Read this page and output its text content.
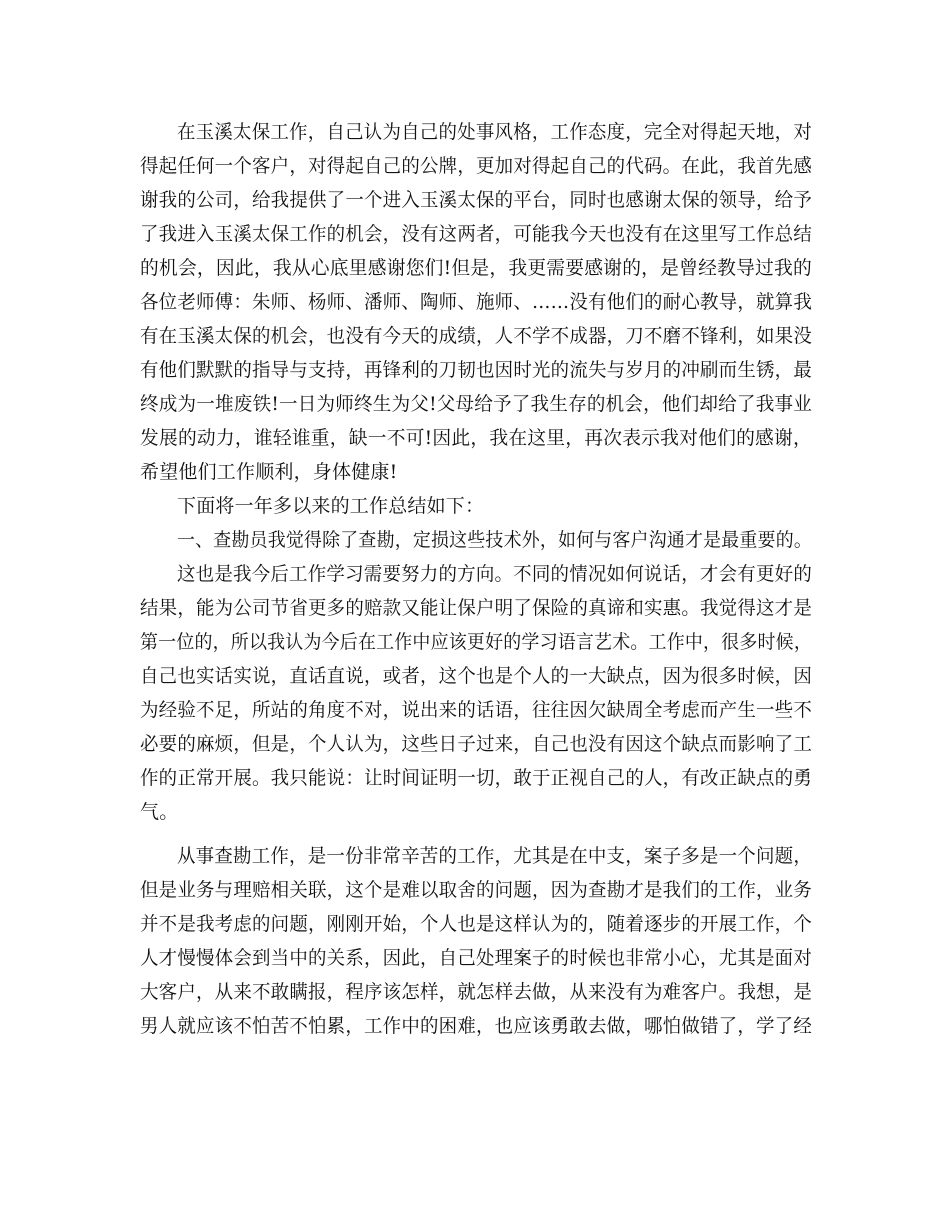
在玉溪太保工作，自己认为自己的处事风格，工作态度，完全对得起天地，对
得起任何一个客户，对得起自己的公牌，更加对得起自己的代码。在此，我首先感
谢我的公司，给我提供了一个进入玉溪太保的平台，同时也感谢太保的领导，给予
了我进入玉溪太保工作的机会，没有这两者，可能我今天也没有在这里写工作总结
的机会，因此，我从心底里感谢您们!但是，我更需要感谢的，是曾经教导过我的
各位老师傅：朱师、杨师、潘师、陶师、施师、……没有他们的耐心教导，就算我
有在玉溪太保的机会，也没有今天的成绩，人不学不成器，刀不磨不锋利，如果没
有他们默默的指导与支持，再锋利的刀韧也因时光的流失与岁月的冲刷而生锈，最
终成为一堆废铁!一日为师终生为父!父母给予了我生存的机会，他们却给了我事业
发展的动力，谁轻谁重，缺一不可!因此，我在这里，再次表示我对他们的感谢，
希望他们工作顺利，身体健康!
下面将一年多以来的工作总结如下：
一、查勘员我觉得除了查勘，定损这些技术外，如何与客户沟通才是最重要的。
这也是我今后工作学习需要努力的方向。不同的情况如何说话，才会有更好的
结果，能为公司节省更多的赔款又能让保户明了保险的真谛和实惠。我觉得这才是
第一位的，所以我认为今后在工作中应该更好的学习语言艺术。工作中，很多时候，
自己也实话实说，直话直说，或者，这个也是个人的一大缺点，因为很多时候，因
为经验不足，所站的角度不对，说出来的话语，往往因欠缺周全考虑而产生一些不
必要的麻烦，但是，个人认为，这些日子过来，自己也没有因这个缺点而影响了工
作的正常开展。我只能说：让时间证明一切，敢于正视自己的人，有改正缺点的勇
气。
从事查勘工作，是一份非常辛苦的工作，尤其是在中支，案子多是一个问题，
但是业务与理赔相关联，这个是难以取舍的问题，因为查勘才是我们的工作，业务
并不是我考虑的问题，刚刚开始，个人也是这样认为的，随着逐步的开展工作，个
人才慢慢体会到当中的关系，因此，自己处理案子的时候也非常小心，尤其是面对
大客户，从来不敢瞒报，程序该怎样，就怎样去做，从来没有为难客户。我想，是
男人就应该不怕苦不怕累，工作中的困难，也应该勇敢去做，哪怕做错了，学了经
